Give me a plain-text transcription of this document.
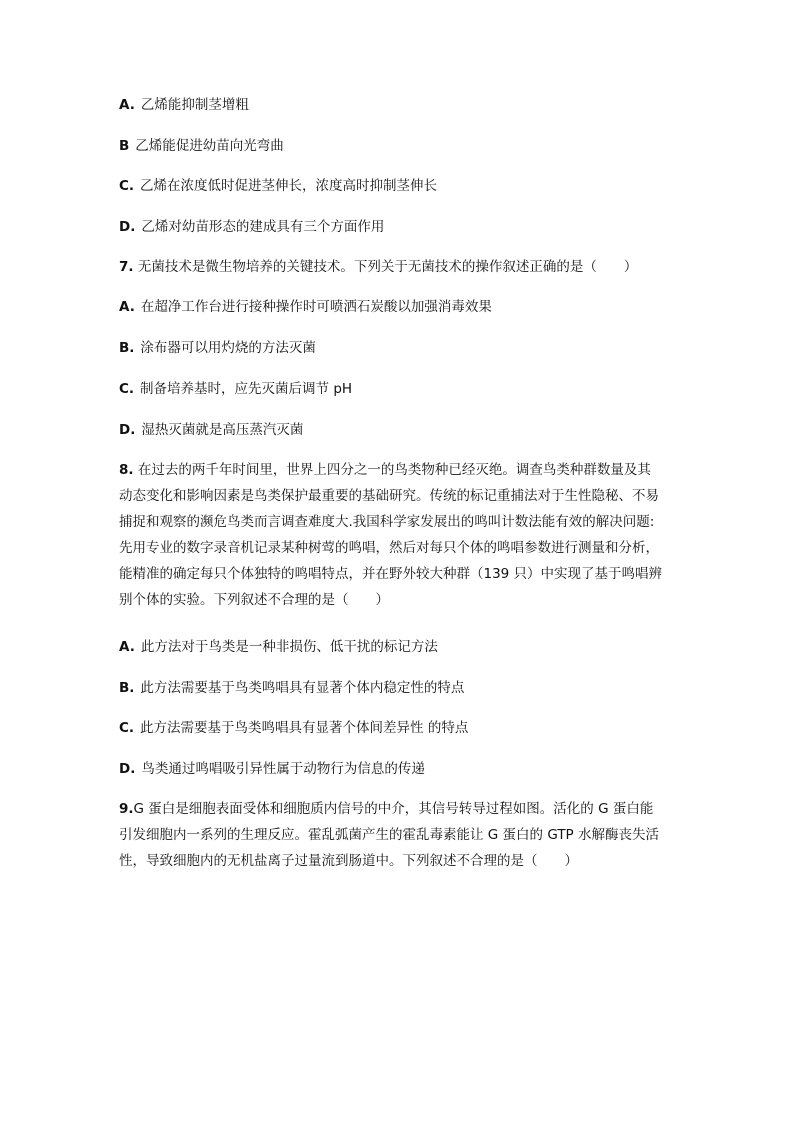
A. 乙烯能抑制茎增粗
B 乙烯能促进幼苗向光弯曲
C. 乙烯在浓度低时促进茎伸长，浓度高时抑制茎伸长
D. 乙烯对幼苗形态的建成具有三个方面作用
7. 无菌技术是微生物培养的关键技术。下列关于无菌技术的操作叙述正确的是（　　）
A. 在超净工作台进行接种操作时可喷洒石炭酸以加强消毒效果
B. 涂布器可以用灼烧的方法灭菌
C. 制备培养基时，应先灭菌后调节 pH
D. 湿热灭菌就是高压蒸汽灭菌
8. 在过去的两千年时间里，世界上四分之一的鸟类物种已经灭绝。调查鸟类种群数量及其
动态变化和影响因素是鸟类保护最重要的基础研究。传统的标记重捕法对于生性隐秘、不易
捕捉和观察的濒危鸟类而言调查难度大.我国科学家发展出的鸣叫计数法能有效的解决问题:
先用专业的数字录音机记录某种树莺的鸣唱，然后对每只个体的鸣唱参数进行测量和分析，
能精准的确定每只个体独特的鸣唱特点，并在野外较大种群（139 只）中实现了基于鸣唱辨
别个体的实验。下列叙述不合理的是（　　）
A. 此方法对于鸟类是一种非损伤、低干扰的标记方法
B. 此方法需要基于鸟类鸣唱具有显著个体内稳定性的特点
C. 此方法需要基于鸟类鸣唱具有显著个体间差异性 的特点
D. 鸟类通过鸣唱吸引异性属于动物行为信息的传递
9.G 蛋白是细胞表面受体和细胞质内信号的中介，其信号转导过程如图。活化的 G 蛋白能
引发细胞内一系列的生理反应。霍乱弧菌产生的霍乱毒素能让 G 蛋白的 GTP 水解酶丧失活
性，导致细胞内的无机盐离子过量流到肠道中。下列叙述不合理的是（　　）
